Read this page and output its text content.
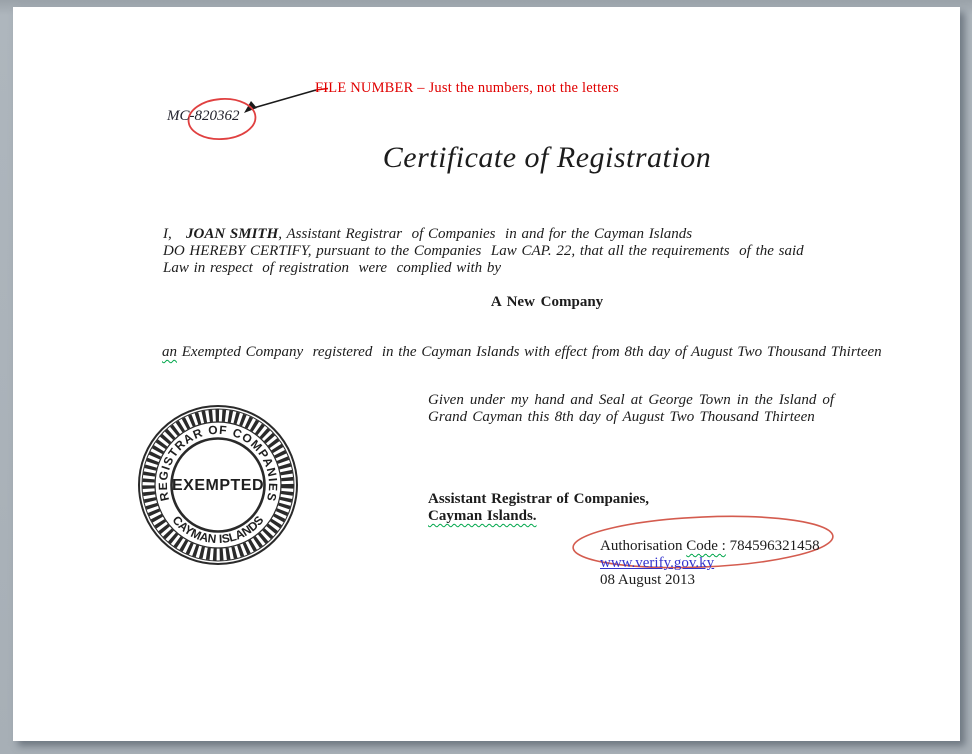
FILE NUMBER – Just the numbers, not the letters
MC-820362
Certificate of Registration
I,   JOAN SMITH, Assistant Registrar  of Companies  in and for the Cayman Islands
DO HEREBY CERTIFY, pursuant to the Companies  Law CAP. 22, that all the requirements  of the said
Law in respect  of registration  were  complied with by
A New Company
an Exempted Company  registered  in the Cayman Islands with effect from 8th day of August Two Thousand Thirteen
Given under my hand and Seal at George Town in the Island of
Grand Cayman this 8th day of August Two Thousand Thirteen
REGISTRAR OF COMPANIES
CAYMAN ISLANDS
EXEMPTED
Assistant Registrar of Companies,
Cayman Islands.
Authorisation Code : 784596321458
www.verify.gov.ky
08 August 2013
